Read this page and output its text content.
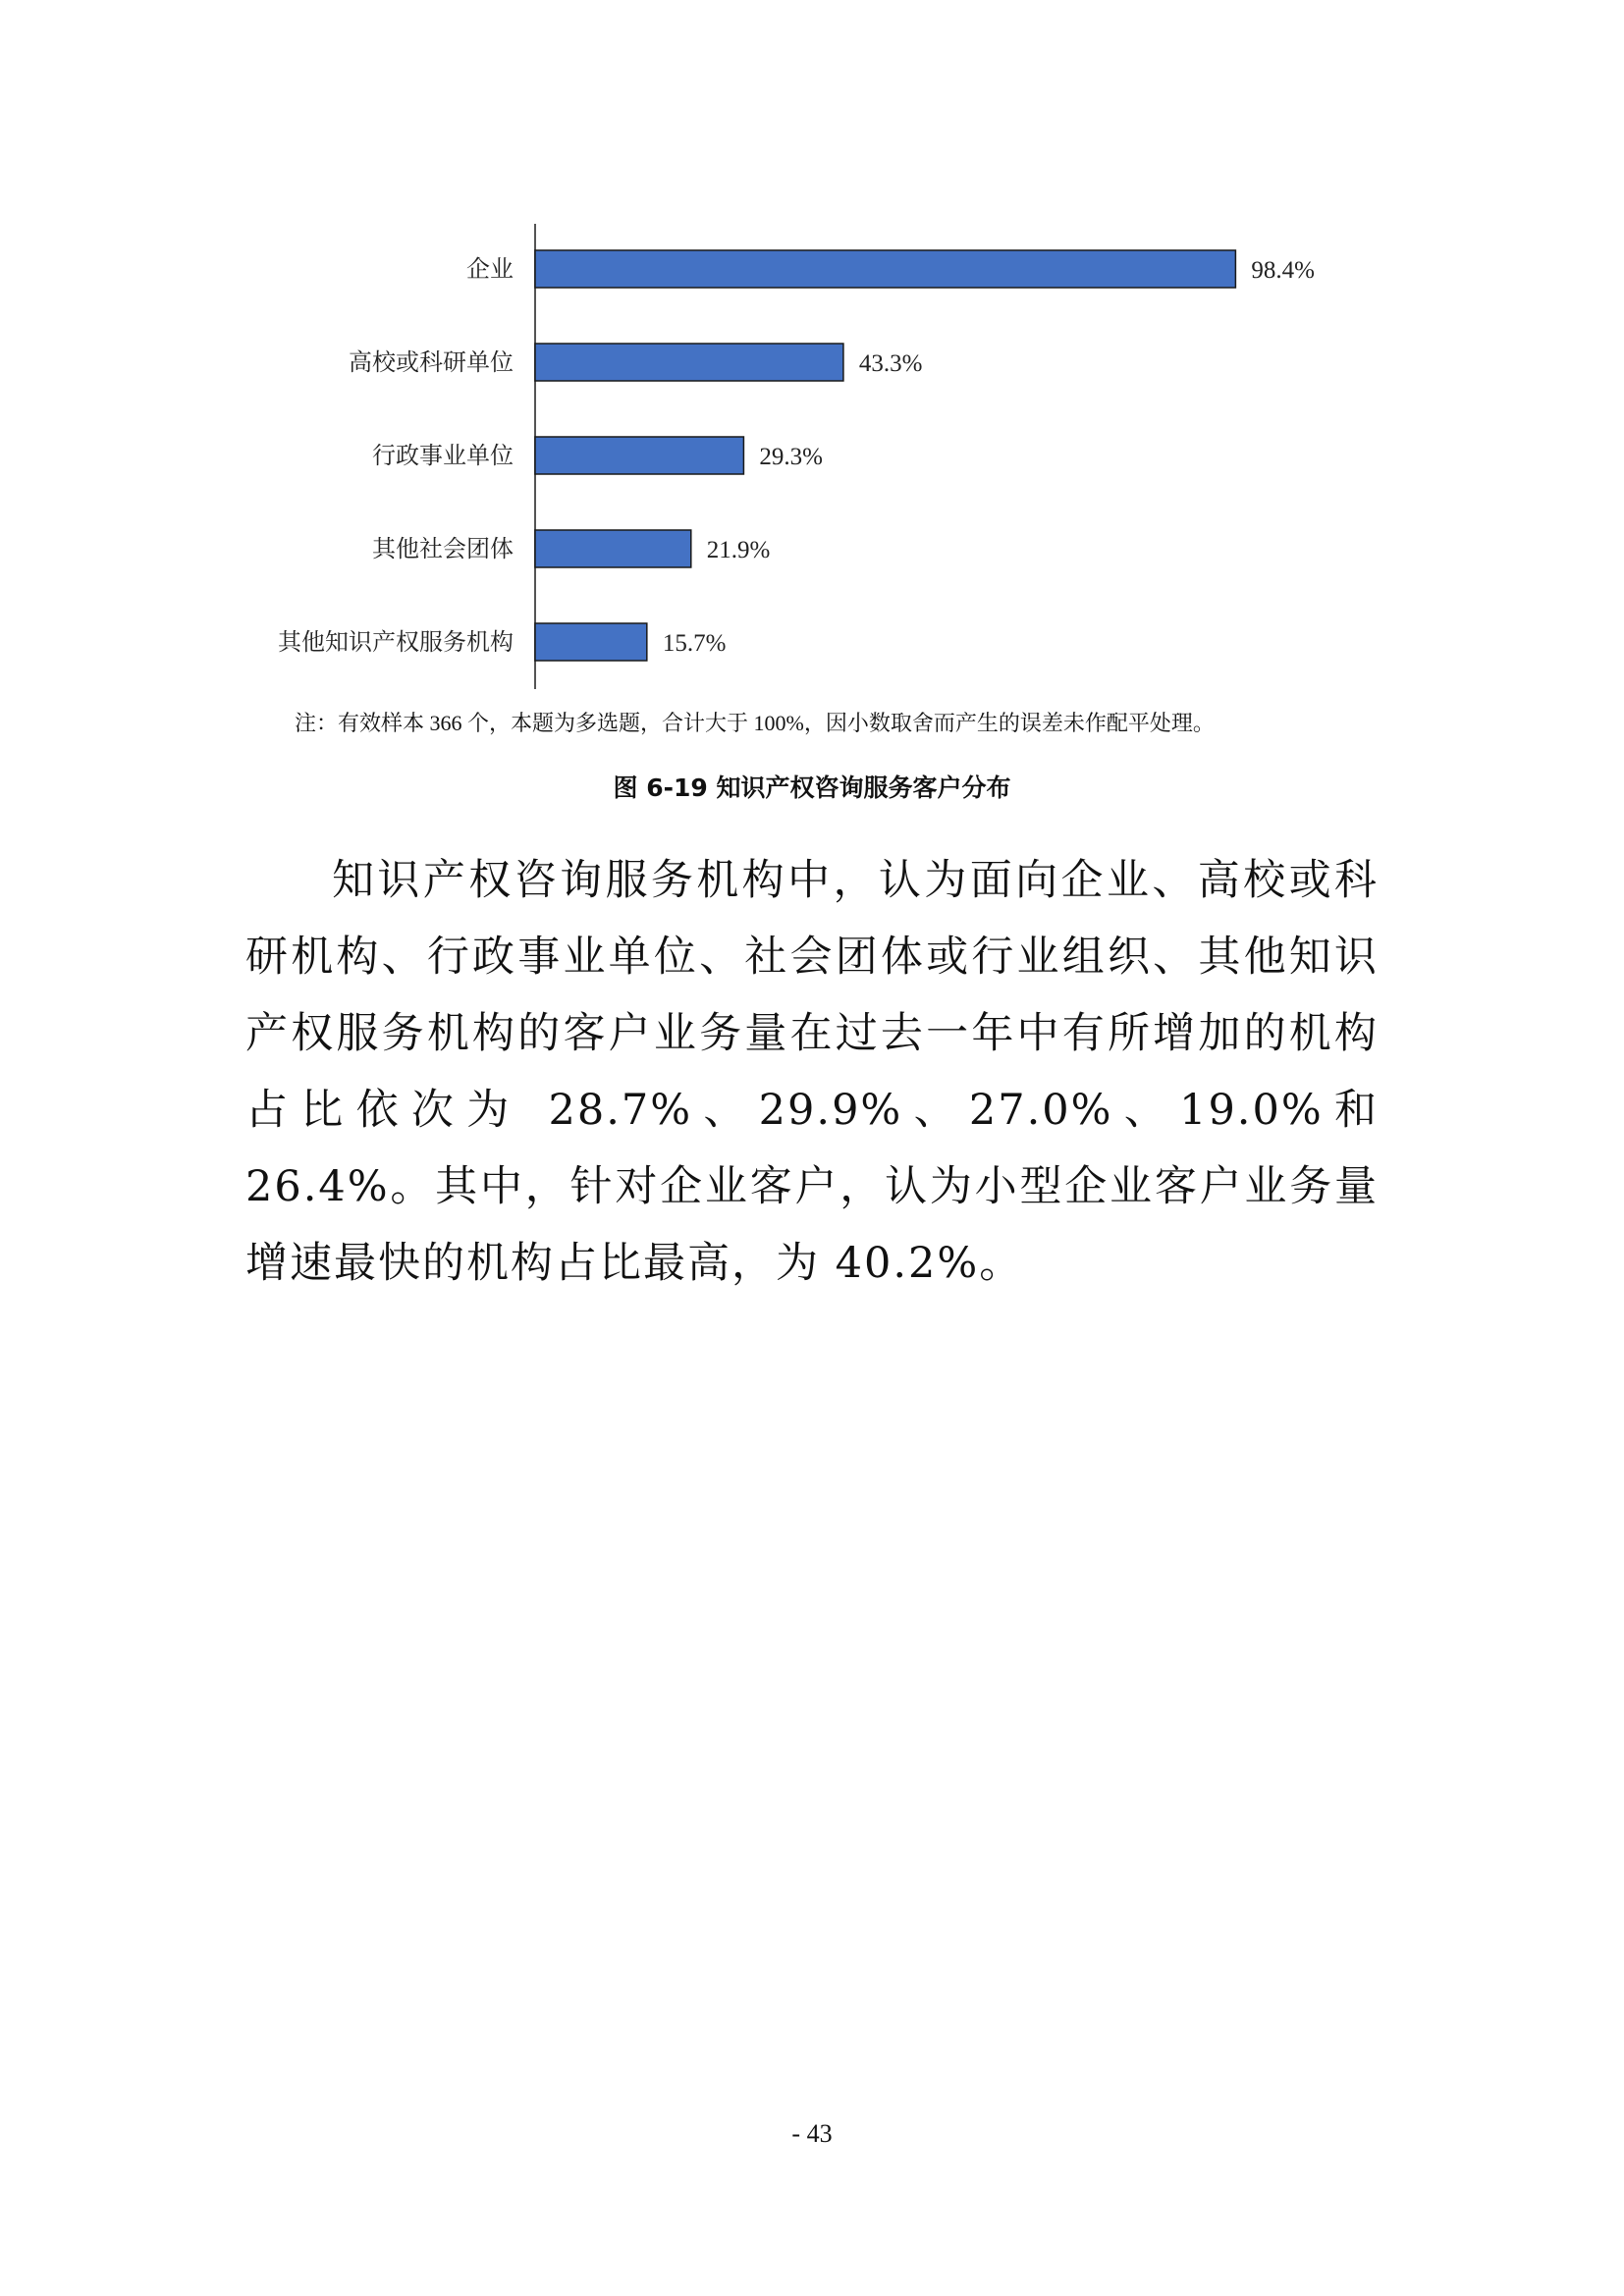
企业	98.4%
高校或科研单位	43.3%
行政事业单位	29.3%
其他社会团体	21.9%
其他知识产权服务机构	15.7%
注：有效样本 366 个，本题为多选题，合计大于 100%，因小数取舍而产生的误差未作配平处理。
图 6-19 知识产权咨询服务客户分布

知识产权咨询服务机构中，认为面向企业、高校或科研机构、行政事业单位、社会团体或行业组织、其他知识产权服务机构的客户业务量在过去一年中有所增加的机构占比依次为 28.7%、29.9%、27.0%、19.0%和 26.4%。其中，针对企业客户，认为小型企业客户业务量增速最快的机构占比最高，为 40.2%。

- 43
